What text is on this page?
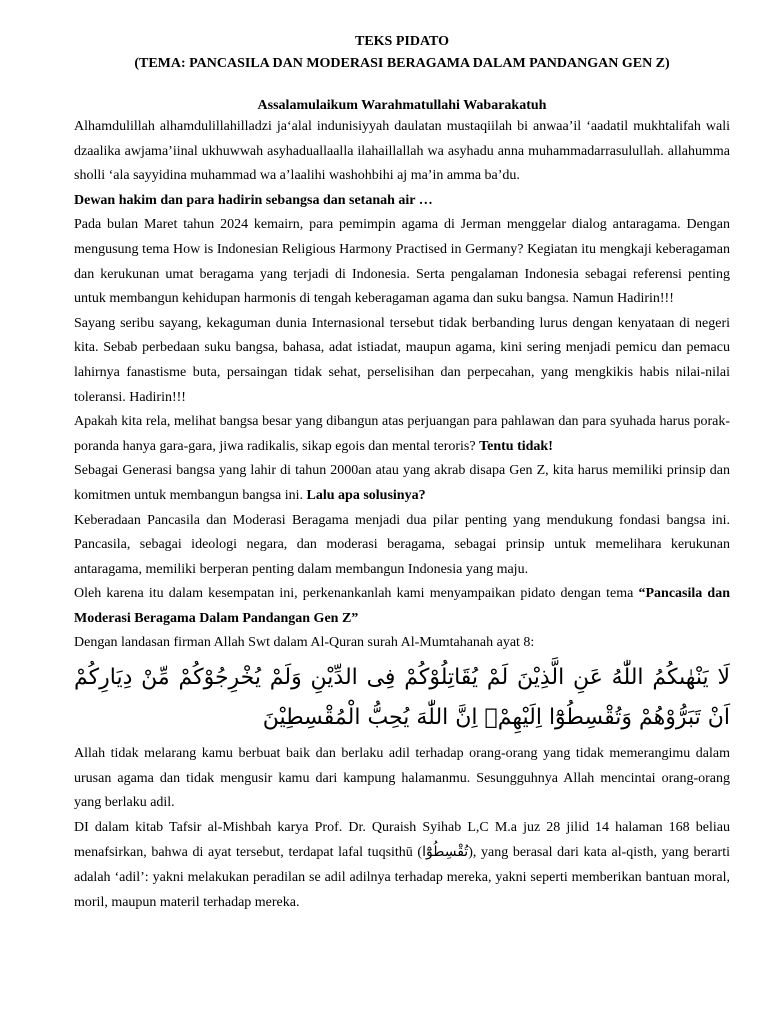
TEKS PIDATO
(TEMA: PANCASILA DAN MODERASI BERAGAMA DALAM PANDANGAN GEN Z)
Assalamulaikum Warahmatullahi Wabarakatuh

Alhamdulillah alhamdulillahilladzi ja‘alal indunisiyyah daulatan mustaqiilah bi anwaa’il ‘aadatil mukhtalifah wali dzaalika awjama’iinal ukhuwwah asyhaduallaalla ilahaillallah wa asyhadu anna muhammadarrasulullah. allahumma sholli ‘ala sayyidina muhammad wa a’laalihi washohbihi aj ma’in amma ba’du.

Dewan hakim dan para hadirin sebangsa dan setanah air …

Pada bulan Maret tahun 2024 kemairn, para pemimpin agama di Jerman menggelar dialog antaragama. Dengan mengusung tema How is Indonesian Religious Harmony Practised in Germany? Kegiatan itu mengkaji keberagaman dan kerukunan umat beragama yang terjadi di Indonesia. Serta pengalaman Indonesia sebagai referensi penting untuk membangun kehidupan harmonis di tengah keberagaman agama dan suku bangsa. Namun Hadirin!!!

Sayang seribu sayang, kekaguman dunia Internasional tersebut tidak berbanding lurus dengan kenyataan di negeri kita. Sebab perbedaan suku bangsa, bahasa, adat istiadat, maupun agama, kini sering menjadi pemicu dan pemacu lahirnya fanastisme buta, persaingan tidak sehat, perselisihan dan perpecahan, yang mengkikis habis nilai-nilai toleransi. Hadirin!!!

Apakah kita rela, melihat bangsa besar yang dibangun atas perjuangan para pahlawan dan para syuhada harus porak-poranda hanya gara-gara, jiwa radikalis, sikap egois dan mental teroris? Tentu tidak!

Sebagai Generasi bangsa yang lahir di tahun 2000an atau yang akrab disapa Gen Z, kita harus memiliki prinsip dan komitmen untuk membangun bangsa ini. Lalu apa solusinya?

Keberadaan Pancasila dan Moderasi Beragama menjadi dua pilar penting yang mendukung fondasi bangsa ini. Pancasila, sebagai ideologi negara, dan moderasi beragama, sebagai prinsip untuk memelihara kerukunan antaragama, memiliki berperan penting dalam membangun Indonesia yang maju.

Oleh karena itu dalam kesempatan ini, perkenankanlah kami menyampaikan pidato dengan tema “Pancasila dan Moderasi Beragama Dalam Pandangan Gen Z”

Dengan landasan firman Allah Swt dalam Al-Quran surah Al-Mumtahanah ayat 8:

لَا يَنْهٰىكُمُ اللّٰهُ عَنِ الَّذِيْنَ لَمْ يُقَاتِلُوْكُمْ فِى الدِّيْنِ وَلَمْ يُخْرِجُوْكُمْ مِّنْ دِيَارِكُمْ اَنْ تَبَرُّوْهُمْ وَتُقْسِطُوْٓا اِلَيْهِمْۗ اِنَّ اللّٰهَ يُحِبُّ الْمُقْسِطِيْنَ

Allah tidak melarang kamu berbuat baik dan berlaku adil terhadap orang-orang yang tidak memerangimu dalam urusan agama dan tidak mengusir kamu dari kampung halamanmu. Sesungguhnya Allah mencintai orang-orang yang berlaku adil.

DI dalam kitab Tafsir al-Mishbah karya Prof. Dr. Quraish Syihab L,C M.a juz 28 jilid 14 halaman 168 beliau menafsirkan, bahwa di ayat tersebut, terdapat lafal tuqsithū (تُقْسِطُوْٓا), yang berasal dari kata al-qisth, yang berarti adalah ‘adil’: yakni melakukan peradilan se adil adilnya terhadap mereka, yakni seperti memberikan bantuan moral, moril, maupun materil terhadap mereka.
